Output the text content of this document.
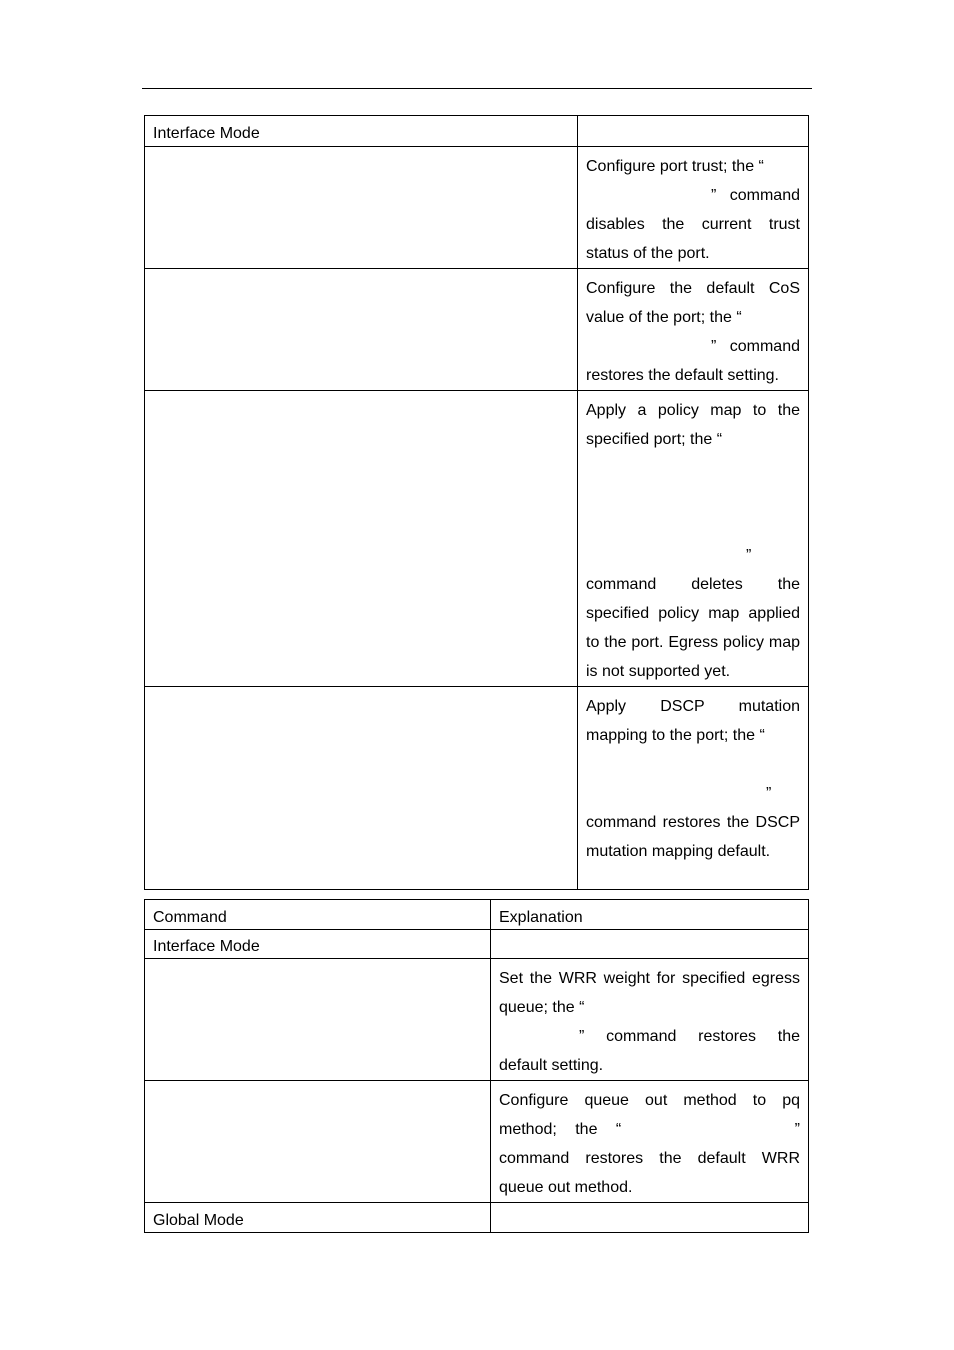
Interface Mode	
	Configure port trust; the “

” command disables the current trust status of the port.
	Configure the default CoS value of the port; the “
” command restores the default setting.
	Apply a policy map to the specified port; the “
”
command deletes the specified policy map applied to the port. Egress policy map is not supported yet.
	Apply DSCP mutation mapping to the port; the “
”
command restores the DSCP mutation mapping default.
Command	Explanation
Interface Mode	
	Set the WRR weight for specified egress queue; the “
” command restores the default setting.
	Configure queue out method to pq method; the “ ” command restores the default WRR queue out method.
Global Mode	
